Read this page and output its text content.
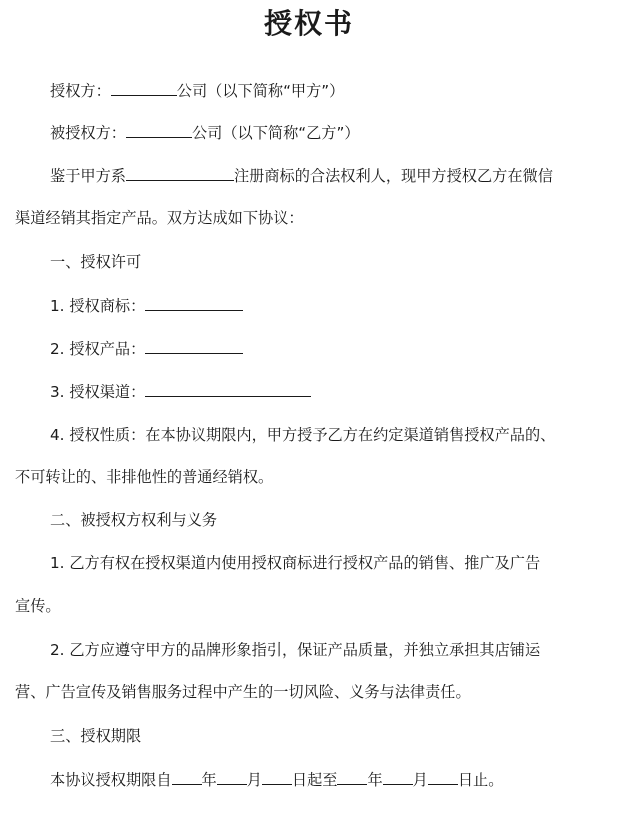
授权书
授权方：	公司（以下简称“甲方”）
被授权方：	公司（以下简称“乙方”）
鉴于甲方系	注册商标的合法权利人，现甲方授权乙方在微信
渠道经销其指定产品。双方达成如下协议：
一、授权许可
1. 授权商标：
2. 授权产品：
3. 授权渠道：
4. 授权性质：在本协议期限内，甲方授予乙方在约定渠道销售授权产品的、
不可转让的、非排他性的普通经销权。
二、被授权方权利与义务
1. 乙方有权在授权渠道内使用授权商标进行授权产品的销售、推广及广告
宣传。
2. 乙方应遵守甲方的品牌形象指引，保证产品质量，并独立承担其店铺运
营、广告宣传及销售服务过程中产生的一切风险、义务与法律责任。
三、授权期限
本协议授权期限自 年 月 日起至 年 月 日止。
